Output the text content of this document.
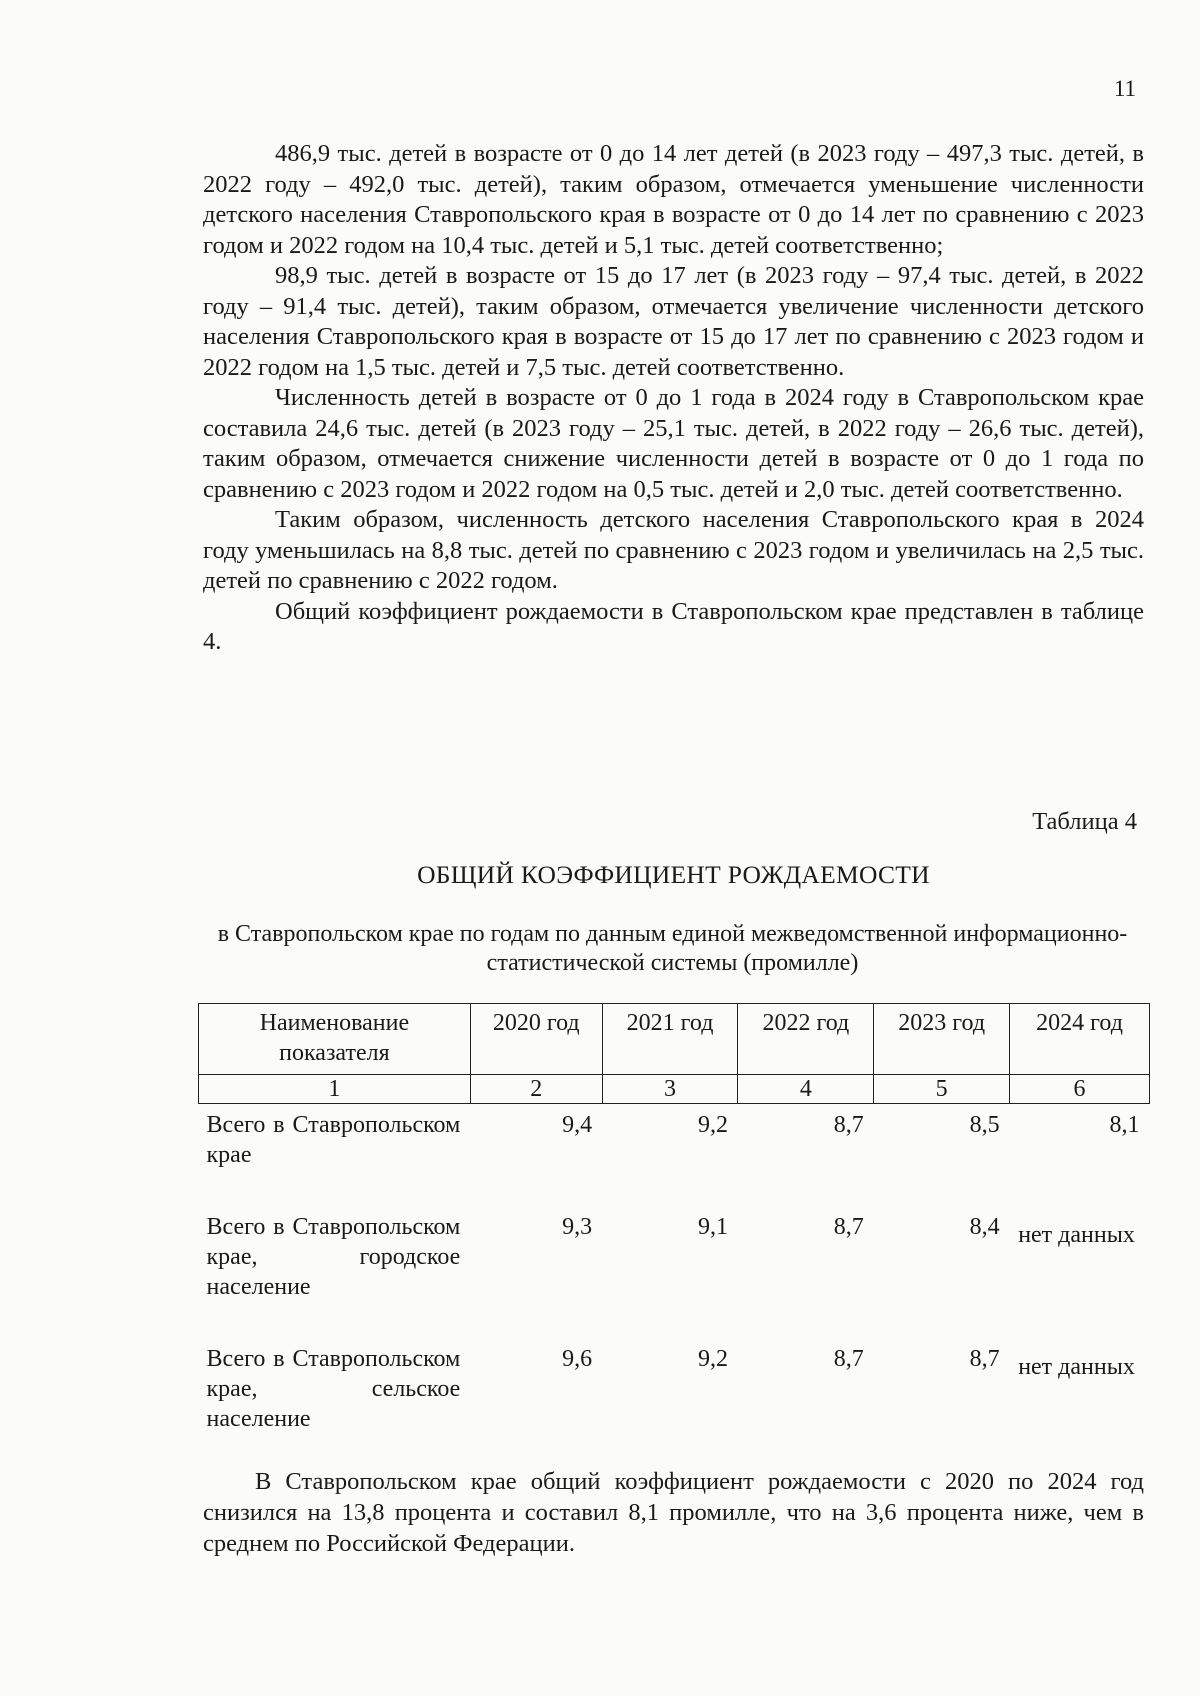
11

486,9 тыс. детей в возрасте от 0 до 14 лет детей (в 2023 году – 497,3 тыс. детей, в 2022 году – 492,0 тыс. детей), таким образом, отмечается уменьшение численности детского населения Ставропольского края в возрасте от 0 до 14 лет по сравнению с 2023 годом и 2022 годом на 10,4 тыс. детей и 5,1 тыс. детей соответственно;

98,9 тыс. детей в возрасте от 15 до 17 лет (в 2023 году – 97,4 тыс. детей, в 2022 году – 91,4 тыс. детей), таким образом, отмечается увеличение численности детского населения Ставропольского края в возрасте от 15 до 17 лет по сравнению с 2023 годом и 2022 годом на 1,5 тыс. детей и 7,5 тыс. детей соответственно.

Численность детей в возрасте от 0 до 1 года в 2024 году в Ставропольском крае составила 24,6 тыс. детей (в 2023 году – 25,1 тыс. детей, в 2022 году – 26,6 тыс. детей), таким образом, отмечается снижение численности детей в возрасте от 0 до 1 года по сравнению с 2023 годом и 2022 годом на 0,5 тыс. детей и 2,0 тыс. детей соответственно.

Таким образом, численность детского населения Ставропольского края в 2024 году уменьшилась на 8,8 тыс. детей по сравнению с 2023 годом и увеличилась на 2,5 тыс. детей по сравнению с 2022 годом.

Общий коэффициент рождаемости в Ставропольском крае представлен в таблице 4.

Таблица 4
ОБЩИЙ КОЭФФИЦИЕНТ РОЖДАЕМОСТИ
в Ставропольском крае по годам по данным единой межведомственной информационно-статистической системы (промилле)
Наименование показателя	2020 год	2021 год	2022 год	2023 год	2024 год
1	2	3	4	5	6
Всего в Ставропольском крае	9,4	9,2	8,7	8,5	8,1
Всего в Ставропольском крае, городское население	9,3	9,1	8,7	8,4	нет данных
Всего в Ставропольском крае, сельское население	9,6	9,2	8,7	8,7	нет данных

В Ставропольском крае общий коэффициент рождаемости с 2020 по 2024 год снизился на 13,8 процента и составил 8,1 промилле, что на 3,6 процента ниже, чем в среднем по Российской Федерации.
